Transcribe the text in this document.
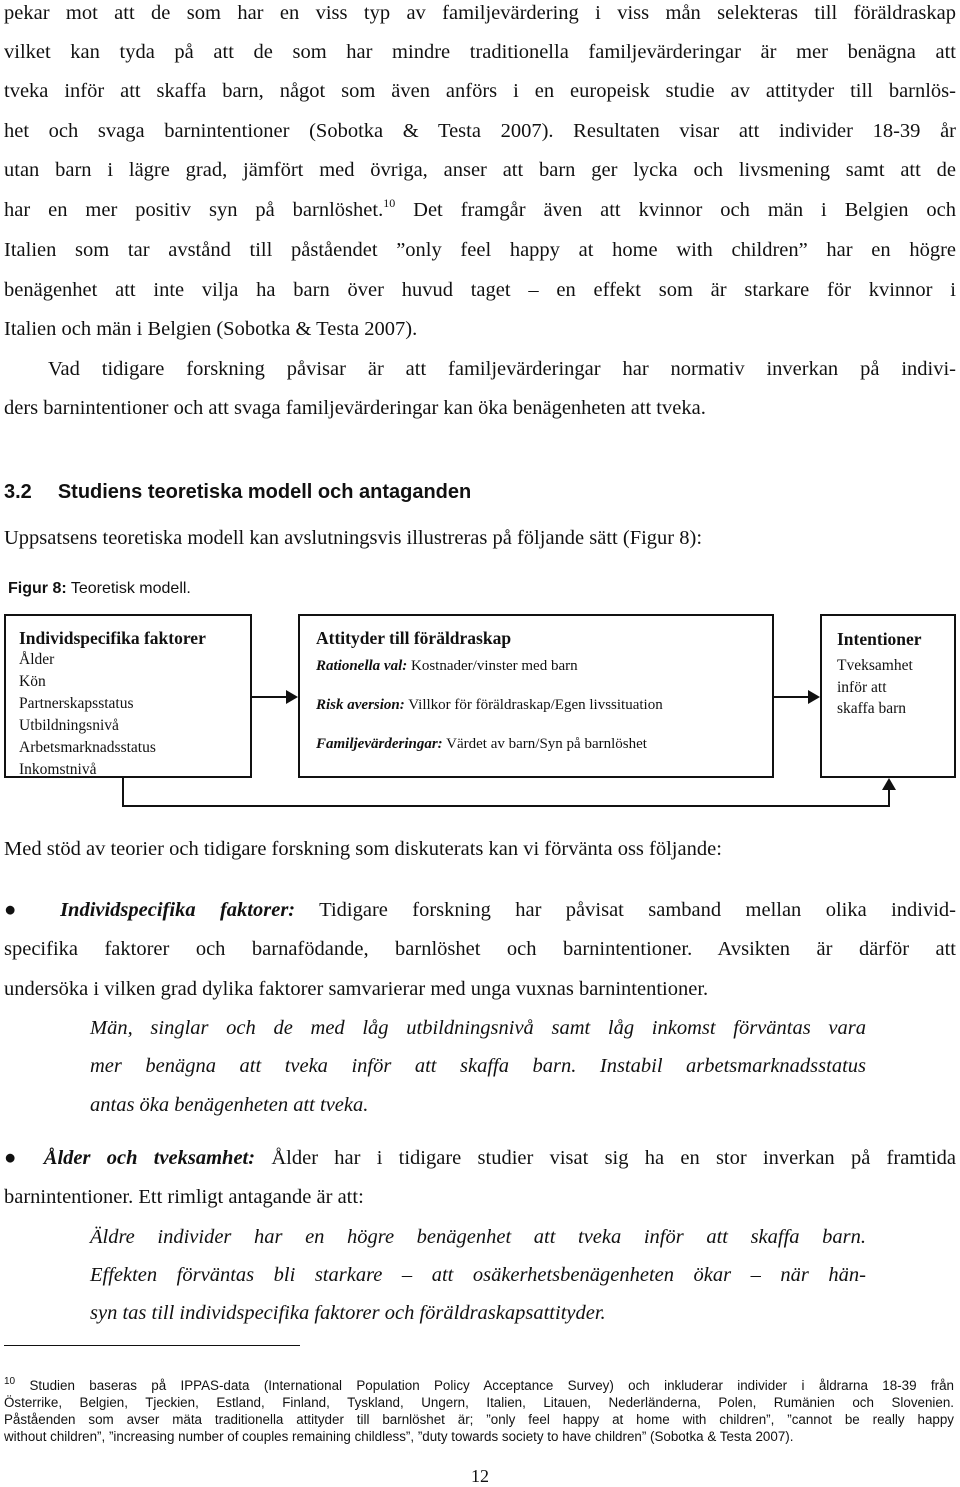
pekar mot att de som har en viss typ av familjevärdering i viss mån selekteras till föräldraskap
vilket kan tyda på att de som har mindre traditionella familjevärderingar är mer benägna att
tveka inför att skaffa barn, något som även anförs i en europeisk studie av attityder till barnlös-
het och svaga barnintentioner (Sobotka & Testa 2007). Resultaten visar att individer 18-39 år
utan barn i lägre grad, jämfört med övriga, anser att barn ger lycka och livsmening samt att de
har en mer positiv syn på barnlöshet.$^{10}$ Det framgår även att kvinnor och män i Belgien och
Italien som tar avstånd till påståendet ”only feel happy at home with children” har en högre
benägenhet att inte vilja ha barn över huvud taget – en effekt som är starkare för kvinnor i
Italien och män i Belgien (Sobotka & Testa 2007).
Vad tidigare forskning påvisar är att familjevärderingar har normativ inverkan på indivi-
ders barnintentioner och att svaga familjevärderingar kan öka benägenheten att tveka.
3.2 Studiens teoretiska modell och antaganden
Uppsatsens teoretiska modell kan avslutningsvis illustreras på följande sätt (Figur 8):
Figur 8: Teoretisk modell.
Individspecifika faktorer
Ålder
Kön
Partnerskapsstatus
Utbildningsnivå
Arbetsmarknadsstatus
Inkomstnivå
Attityder till föräldraskap
Rationella val: Kostnader/vinster med barn
Risk aversion: Villkor för föräldraskap/Egen livssituation
Familjevärderingar: Värdet av barn/Syn på barnlöshet
Intentioner
Tveksamhet
inför att
skaffa barn
Med stöd av teorier och tidigare forskning som diskuterats kan vi förvänta oss följande:
● Individspecifika faktorer: Tidigare forskning har påvisat samband mellan olika individ-
specifika faktorer och barnafödande, barnlöshet och barnintentioner. Avsikten är därför att
undersöka i vilken grad dylika faktorer samvarierar med unga vuxnas barnintentioner.
Män, singlar och de med låg utbildningsnivå samt låg inkomst förväntas vara
mer benägna att tveka inför att skaffa barn. Instabil arbetsmarknadsstatus
antas öka benägenheten att tveka.
● Ålder och tveksamhet: Ålder har i tidigare studier visat sig ha en stor inverkan på framtida
barnintentioner. Ett rimligt antagande är att:
Äldre individer har en högre benägenhet att tveka inför att skaffa barn.
Effekten förväntas bli starkare – att osäkerhetsbenägenheten ökar – när hän-
syn tas till individspecifika faktorer och föräldraskapsattityder.
$^{10}$ Studien baseras på IPPAS-data (International Population Policy Acceptance Survey) och inkluderar individer i åldrarna 18-39 från
Österrike, Belgien, Tjeckien, Estland, Finland, Tyskland, Ungern, Italien, Litauen, Nederländerna, Polen, Rumänien och Slovenien.
Påståenden som avser mäta traditionella attityder till barnlöshet är; ”only feel happy at home with children”, ”cannot be really happy
without children”, ”increasing number of couples remaining childless”, ”duty towards society to have children” (Sobotka & Testa 2007).
12
